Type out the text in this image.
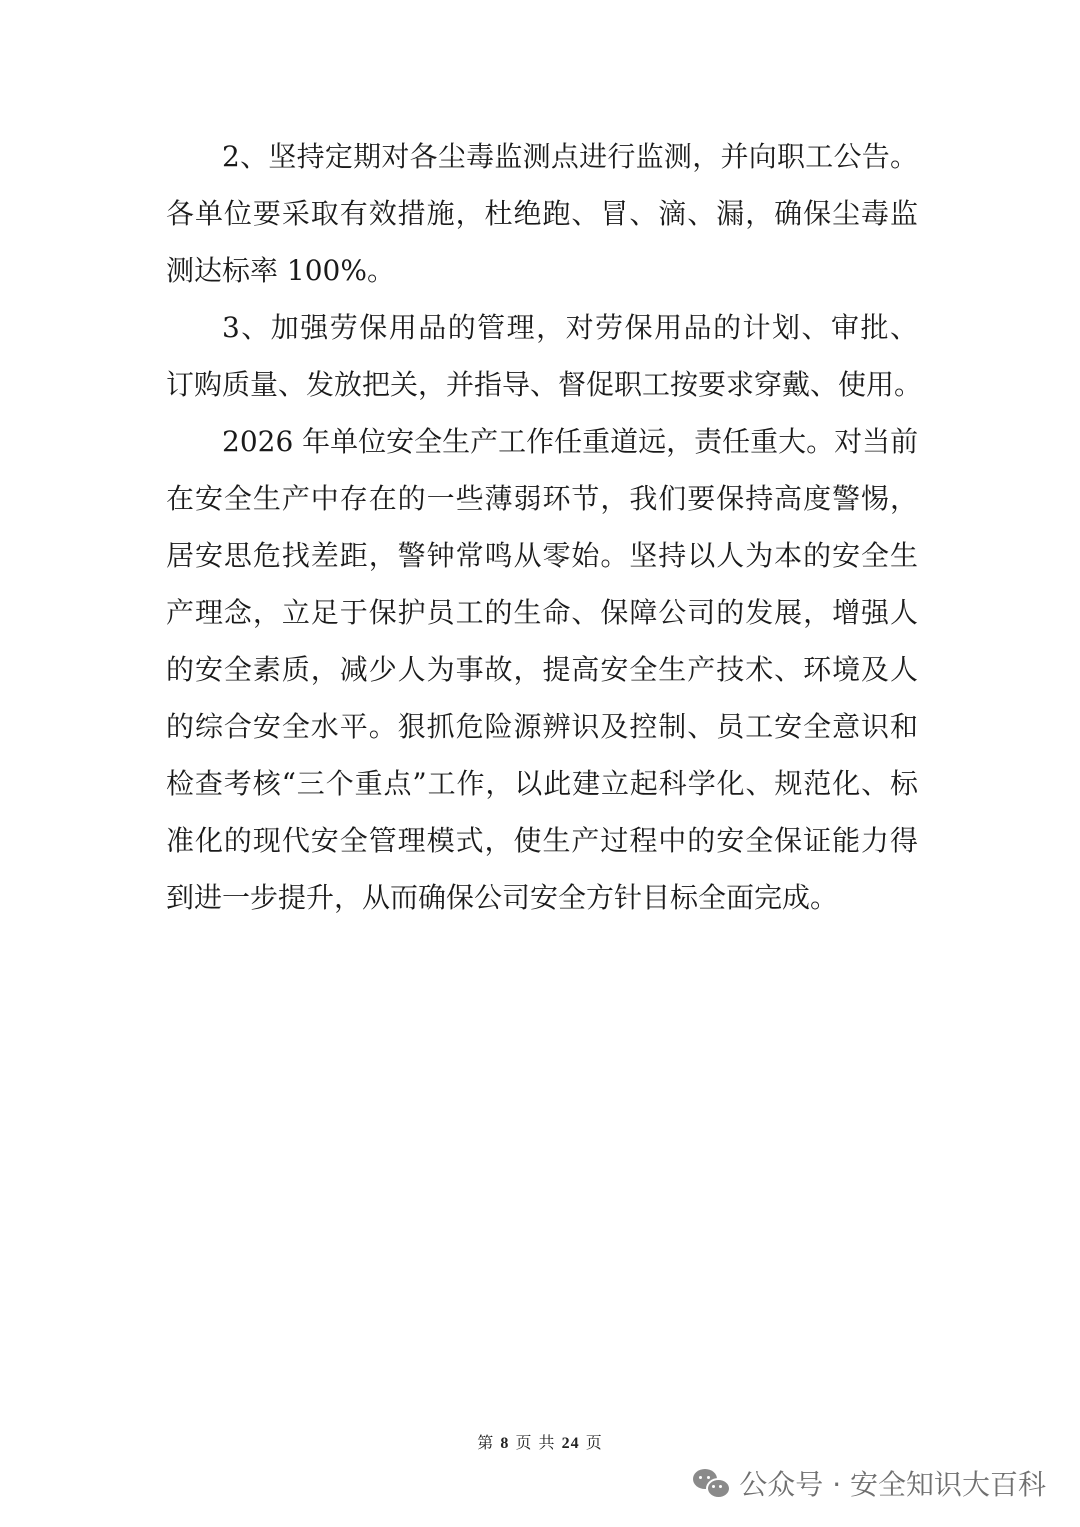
2、坚持定期对各尘毒监测点进行监测，并向职工公告。
各单位要采取有效措施，杜绝跑、冒、滴、漏，确保尘毒监
测达标率 100%。
3、加强劳保用品的管理，对劳保用品的计划、审批、
订购质量、发放把关，并指导、督促职工按要求穿戴、使用。
2026 年单位安全生产工作任重道远，责任重大。对当前
在安全生产中存在的一些薄弱环节，我们要保持高度警惕，
居安思危找差距，警钟常鸣从零始。坚持以人为本的安全生
产理念，立足于保护员工的生命、保障公司的发展，增强人
的安全素质，减少人为事故，提高安全生产技术、环境及人
的综合安全水平。狠抓危险源辨识及控制、员工安全意识和
检查考核“三个重点”工作，以此建立起科学化、规范化、标
准化的现代安全管理模式，使生产过程中的安全保证能力得
到进一步提升，从而确保公司安全方针目标全面完成。
第 8 页 共 24 页
公众号 · 安全知识大百科
